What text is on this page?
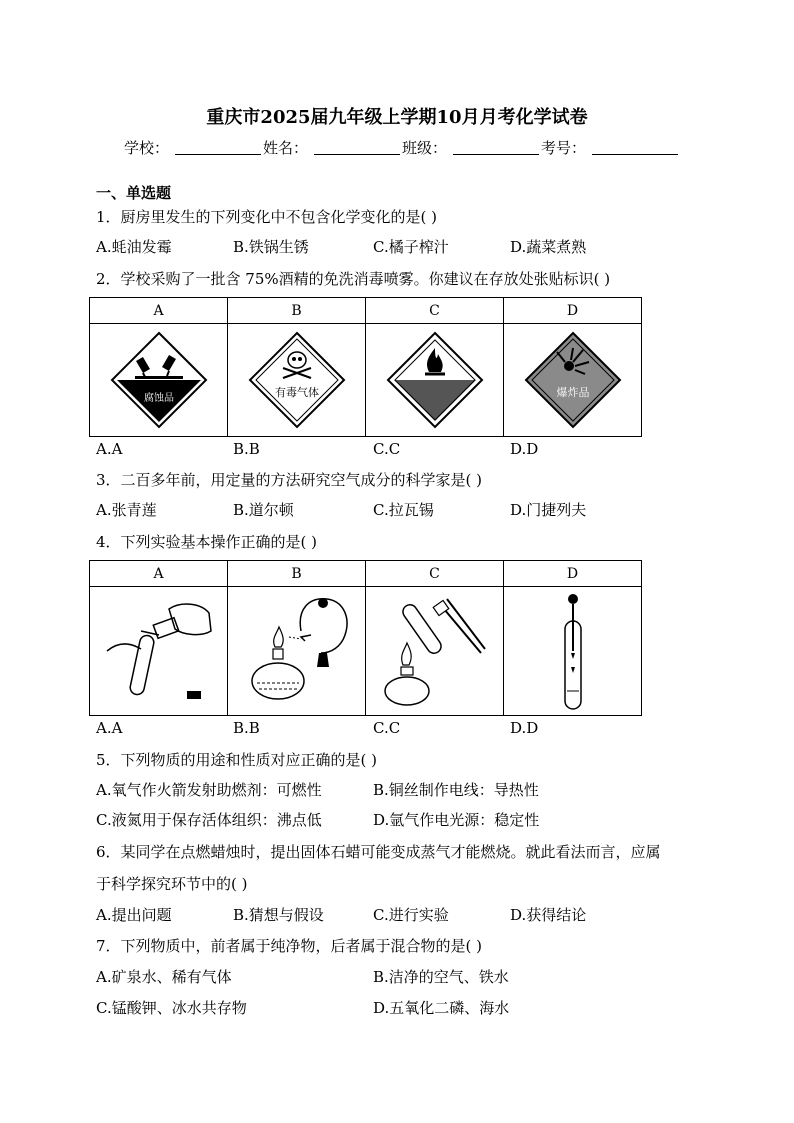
重庆市2025届九年级上学期10月月考化学试卷
学校：	姓名：	班级：	考号：
一、单选题
1．厨房里发生的下列变化中不包含化学变化的是( )
A.蚝油发霉	B.铁锅生锈	C.橘子榨汁	D.蔬菜煮熟
2．学校采购了一批含 75%酒精的免洗消毒喷雾。你建议在存放处张贴标识( )
A	B	C	D

腐蚀品	有毒气体		爆炸品
A.A	B.B	C.C	D.D
3．二百多年前，用定量的方法研究空气成分的科学家是( )
A.张青莲	B.道尔顿	C.拉瓦锡	D.门捷列夫
4．下列实验基本操作正确的是( )
A	B	C	D

A.A	B.B	C.C	D.D
5．下列物质的用途和性质对应正确的是( )
A.氧气作火箭发射助燃剂：可燃性	B.铜丝制作电线：导热性
C.液氮用于保存活体组织：沸点低	D.氩气作电光源：稳定性
6．某同学在点燃蜡烛时，提出固体石蜡可能变成蒸气才能燃烧。就此看法而言，应属
于科学探究环节中的( )
A.提出问题	B.猜想与假设	C.进行实验	D.获得结论
7．下列物质中，前者属于纯净物，后者属于混合物的是( )
A.矿泉水、稀有气体	B.洁净的空气、铁水
C.锰酸钾、冰水共存物	D.五氧化二磷、海水
